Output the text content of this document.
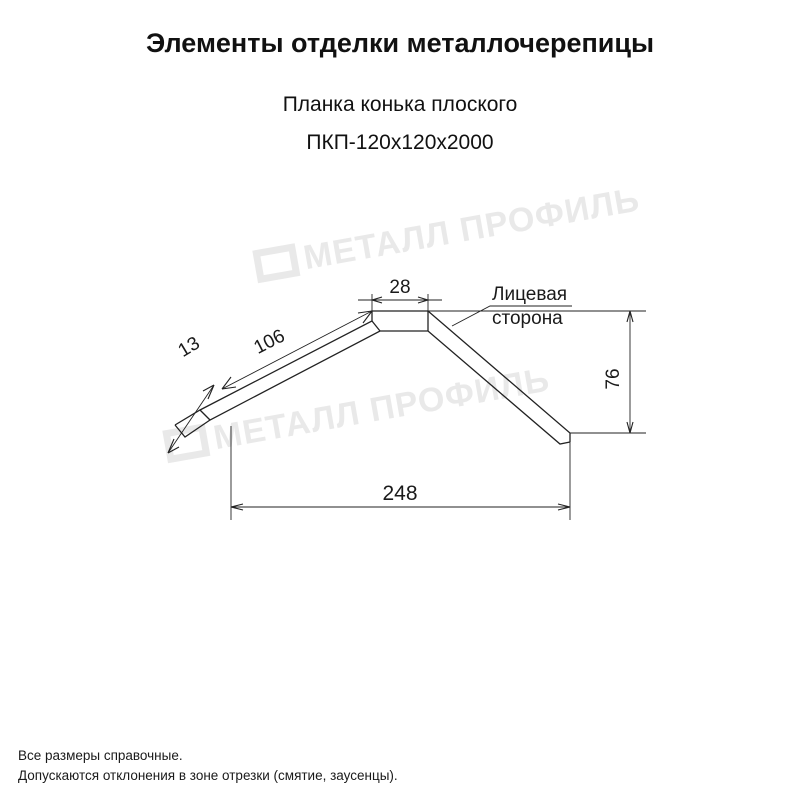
Элементы отделки металлочерепицы
Планка конька плоского
ПКП-120х120х2000
МЕТАЛЛ ПРОФИЛЬ
МЕТАЛЛ ПРОФИЛЬ
13 106
28	Лицевая
сторона
76
248
Все размеры справочные.
Допускаются отклонения в зоне отрезки (смятие, заусенцы).
